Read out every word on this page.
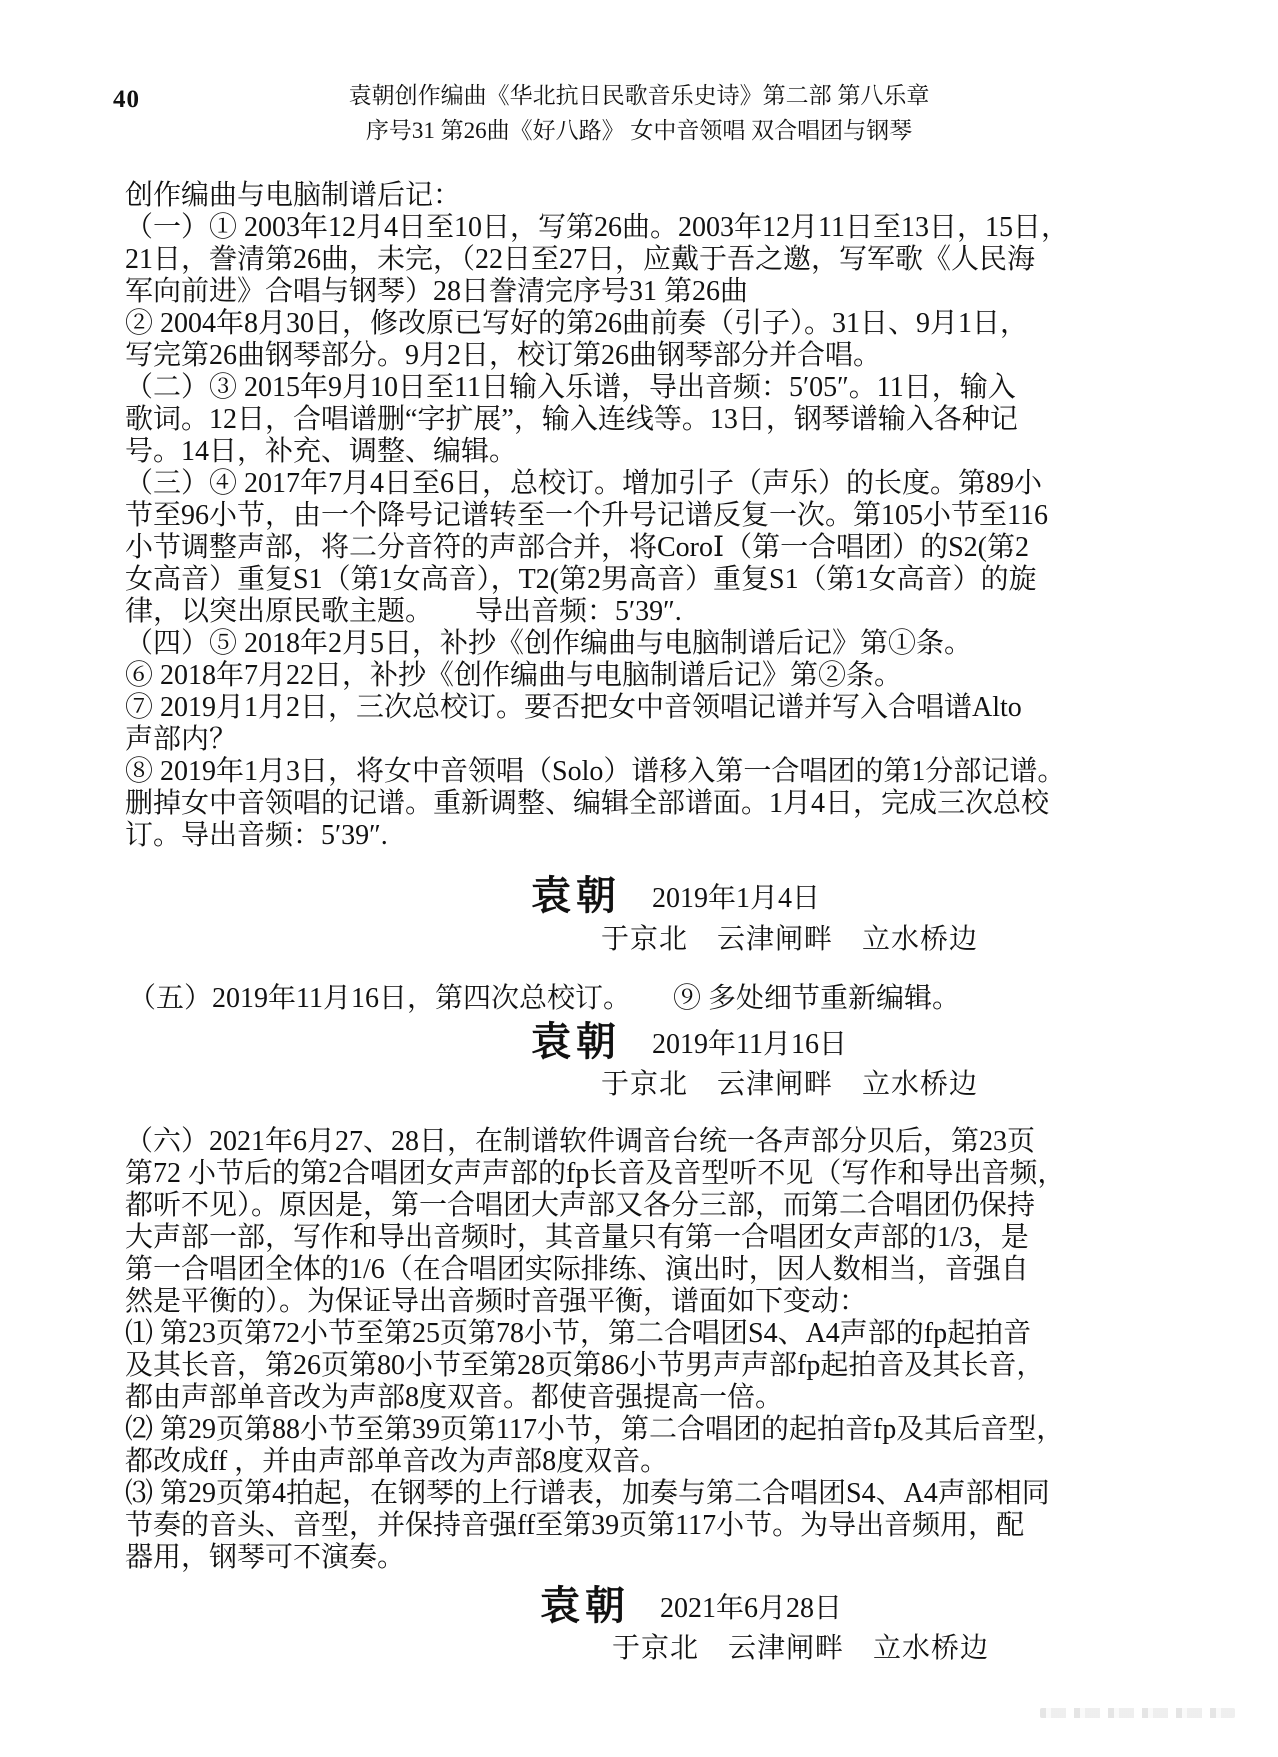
40	袁朝创作编曲《华北抗日民歌音乐史诗》第二部 第八乐章
序号31 第26曲《好八路》 女中音领唱 双合唱团与钢琴
创作编曲与电脑制谱后记：
（一）① 2003年12月4日至10日，写第26曲。2003年12月11日至13日，15日，
21日，誊清第26曲，未完，（22日至27日，应戴于吾之邀，写军歌《人民海
军向前进》合唱与钢琴）28日誊清完序号31 第26曲
② 2004年8月30日，修改原已写好的第26曲前奏（引子）。31日、9月1日，
写完第26曲钢琴部分。9月2日，校订第26曲钢琴部分并合唱。
（二）③ 2015年9月10日至11日输入乐谱，导出音频：5′05″。11日，输入
歌词。12日，合唱谱删“字扩展”，输入连线等。13日，钢琴谱输入各种记
号。14日，补充、调整、编辑。
（三）④ 2017年7月4日至6日，总校订。增加引子（声乐）的长度。第89小
节至96小节，由一个降号记谱转至一个升号记谱反复一次。第105小节至116
小节调整声部，将二分音符的声部合并，将CoroⅠ（第一合唱团）的S2(第2
女高音）重复S1（第1女高音），T2(第2男高音）重复S1（第1女高音）的旋
律，以突出原民歌主题。　　导出音频：5′39″.
（四）⑤ 2018年2月5日，补抄《创作编曲与电脑制谱后记》第①条。
⑥ 2018年7月22日，补抄《创作编曲与电脑制谱后记》第②条。
⑦ 2019月1月2日，三次总校订。要否把女中音领唱记谱并写入合唱谱Alto
声部内？
⑧ 2019年1月3日，将女中音领唱（Solo）谱移入第一合唱团的第1分部记谱。
删掉女中音领唱的记谱。重新调整、编辑全部谱面。1月4日，完成三次总校
订。导出音频：5′39″.
袁朝 2019年1月4日
于京北　云津闸畔　立水桥边
（五）2019年11月16日，第四次总校订。　　⑨ 多处细节重新编辑。
袁朝 2019年11月16日
于京北　云津闸畔　立水桥边
（六）2021年6月27、28日，在制谱软件调音台统一各声部分贝后，第23页
第72 小节后的第2合唱团女声声部的fp长音及音型听不见（写作和导出音频，
都听不见）。原因是，第一合唱团大声部又各分三部，而第二合唱团仍保持
大声部一部，写作和导出音频时，其音量只有第一合唱团女声部的1/3，是
第一合唱团全体的1/6（在合唱团实际排练、演出时，因人数相当，音强自
然是平衡的）。为保证导出音频时音强平衡，谱面如下变动：
⑴ 第23页第72小节至第25页第78小节，第二合唱团S4、A4声部的fp起拍音
及其长音，第26页第80小节至第28页第86小节男声声部fp起拍音及其长音，
都由声部单音改为声部8度双音。都使音强提高一倍。
⑵ 第29页第88小节至第39页第117小节，第二合唱团的起拍音fp及其后音型，
都改成ff ，并由声部单音改为声部8度双音。
⑶ 第29页第4拍起，在钢琴的上行谱表，加奏与第二合唱团S4、A4声部相同
节奏的音头、音型，并保持音强ff至第39页第117小节。为导出音频用，配
器用，钢琴可不演奏。
袁朝 2021年6月28日
于京北　云津闸畔　立水桥边
